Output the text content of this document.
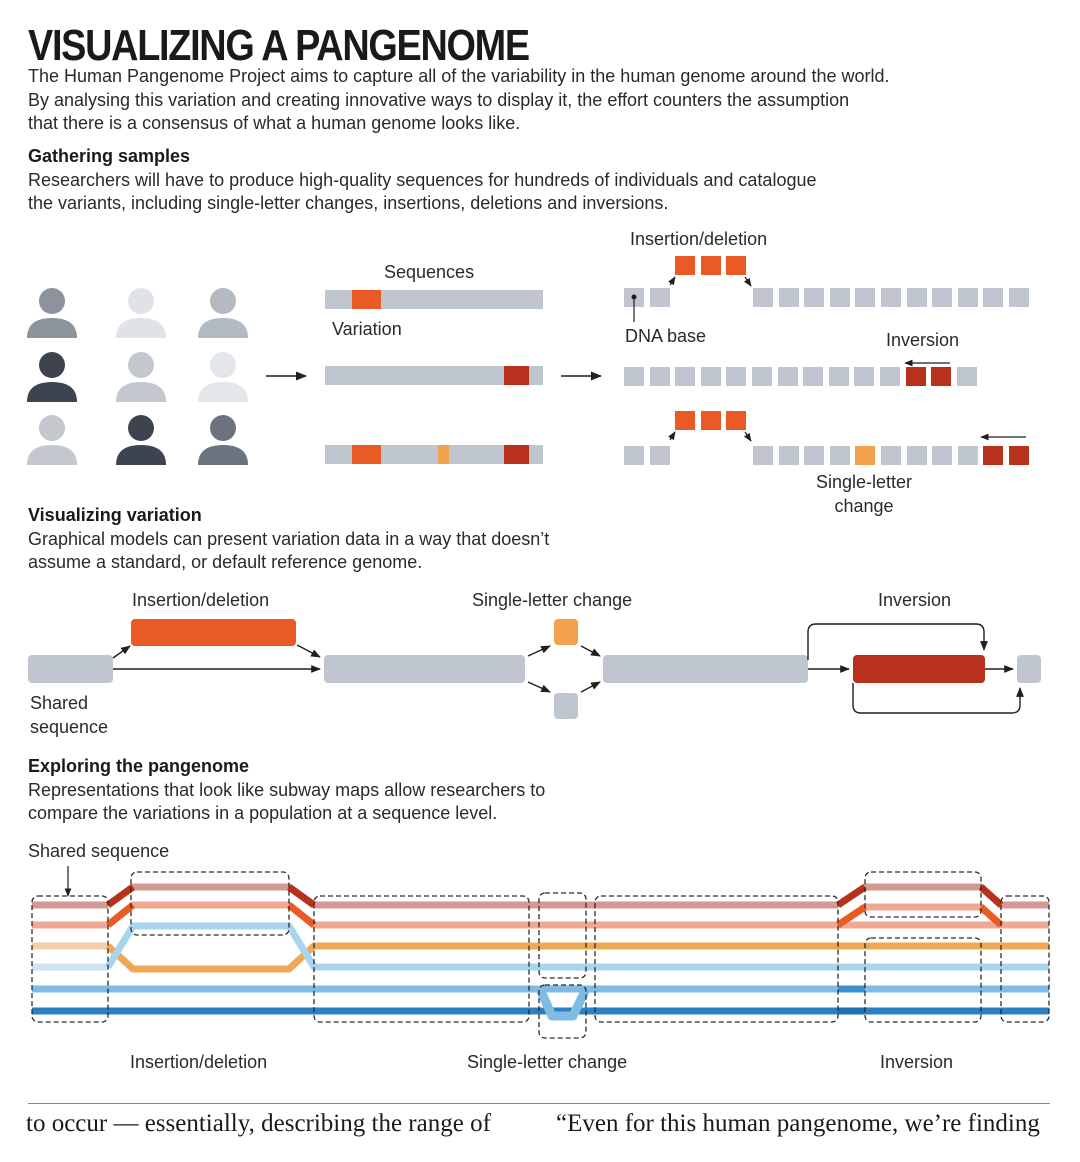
VISUALIZING A PANGENOME
The Human Pangenome Project aims to capture all of the variability in the human genome around the world.
By analysing this variation and creating innovative ways to display it, the effort counters the assumption
that there is a consensus of what a human genome looks like.
Gathering samples
Researchers will have to produce high-quality sequences for hundreds of individuals and catalogue
the variants, including single-letter changes, insertions, deletions and inversions.
Sequences
Variation
Insertion/deletion
DNA base	Inversion
Single-letter
change
Visualizing variation
Graphical models can present variation data in a way that doesn’t
assume a standard, or default reference genome.
Insertion/deletion	Single-letter change	Inversion
Shared
sequence
Exploring the pangenome
Representations that look like subway maps allow researchers to
compare the variations in a population at a sequence level.
Shared sequence
Insertion/deletion	Single-letter change	Inversion
to occur — essentially, describing the range of	“Even for this human pangenome, we’re finding
